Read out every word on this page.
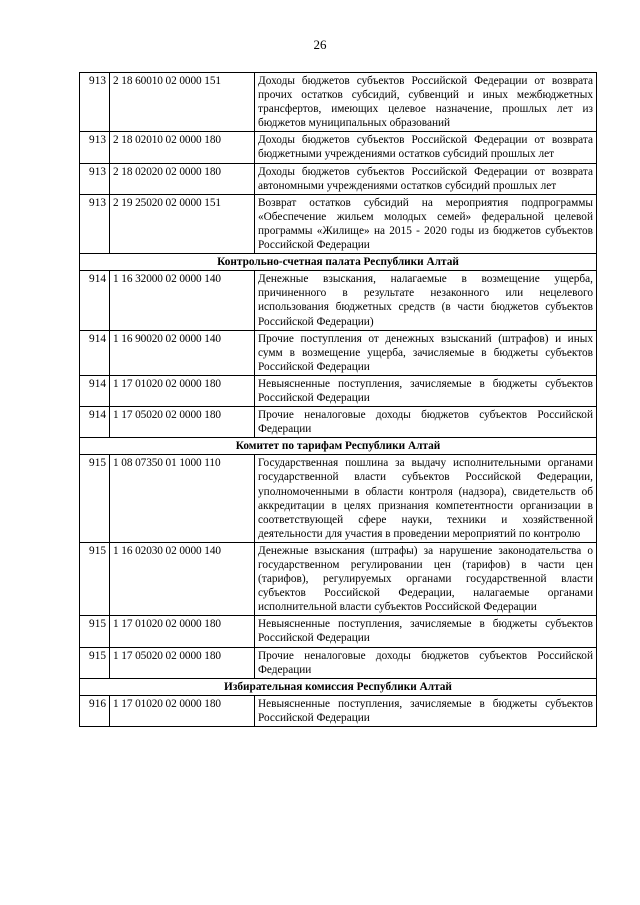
26
913	2 18 60010 02 0000 151	Доходы бюджетов субъектов Российской Федерации от возврата прочих остатков субсидий, субвенций и иных межбюджетных трансфертов, имеющих целевое назначение, прошлых лет из бюджетов муниципальных образований
913	2 18 02010 02 0000 180	Доходы бюджетов субъектов Российской Федерации от возврата бюджетными учреждениями остатков субсидий прошлых лет
913	2 18 02020 02 0000 180	Доходы бюджетов субъектов Российской Федерации от возврата автономными учреждениями остатков субсидий прошлых лет
913	2 19 25020 02 0000 151	Возврат остатков субсидий на мероприятия подпрограммы «Обеспечение жильем молодых семей» федеральной целевой программы «Жилище» на 2015 - 2020 годы из бюджетов субъектов Российской Федерации
Контрольно-счетная палата Республики Алтай		
914	1 16 32000 02 0000 140	Денежные взыскания, налагаемые в возмещение ущерба, причиненного в результате незаконного или нецелевого использования бюджетных средств (в части бюджетов субъектов Российской Федерации)
914	1 16 90020 02 0000 140	Прочие поступления от денежных взысканий (штрафов) и иных сумм в возмещение ущерба, зачисляемые в бюджеты субъектов Российской Федерации
914	1 17 01020 02 0000 180	Невыясненные поступления, зачисляемые в бюджеты субъектов Российской Федерации
914	1 17 05020 02 0000 180	Прочие неналоговые доходы бюджетов субъектов Российской Федерации
Комитет по тарифам Республики Алтай		
915	1 08 07350 01 1000 110	Государственная пошлина за выдачу исполнительными органами государственной власти субъектов Российской Федерации, уполномоченными в области контроля (надзора), свидетельств об аккредитации в целях признания компетентности организации в соответствующей сфере науки, техники и хозяйственной деятельности для участия в проведении мероприятий по контролю
915	1 16 02030 02 0000 140	Денежные взыскания (штрафы) за нарушение законодательства о государственном регулировании цен (тарифов) в части цен (тарифов), регулируемых органами государственной власти субъектов Российской Федерации, налагаемые органами исполнительной власти субъектов Российской Федерации
915	1 17 01020 02 0000 180	Невыясненные поступления, зачисляемые в бюджеты субъектов Российской Федерации
915	1 17 05020 02 0000 180	Прочие неналоговые доходы бюджетов субъектов Российской Федерации
Избирательная комиссия Республики Алтай		
916	1 17 01020 02 0000 180	Невыясненные поступления, зачисляемые в бюджеты субъектов Российской Федерации
